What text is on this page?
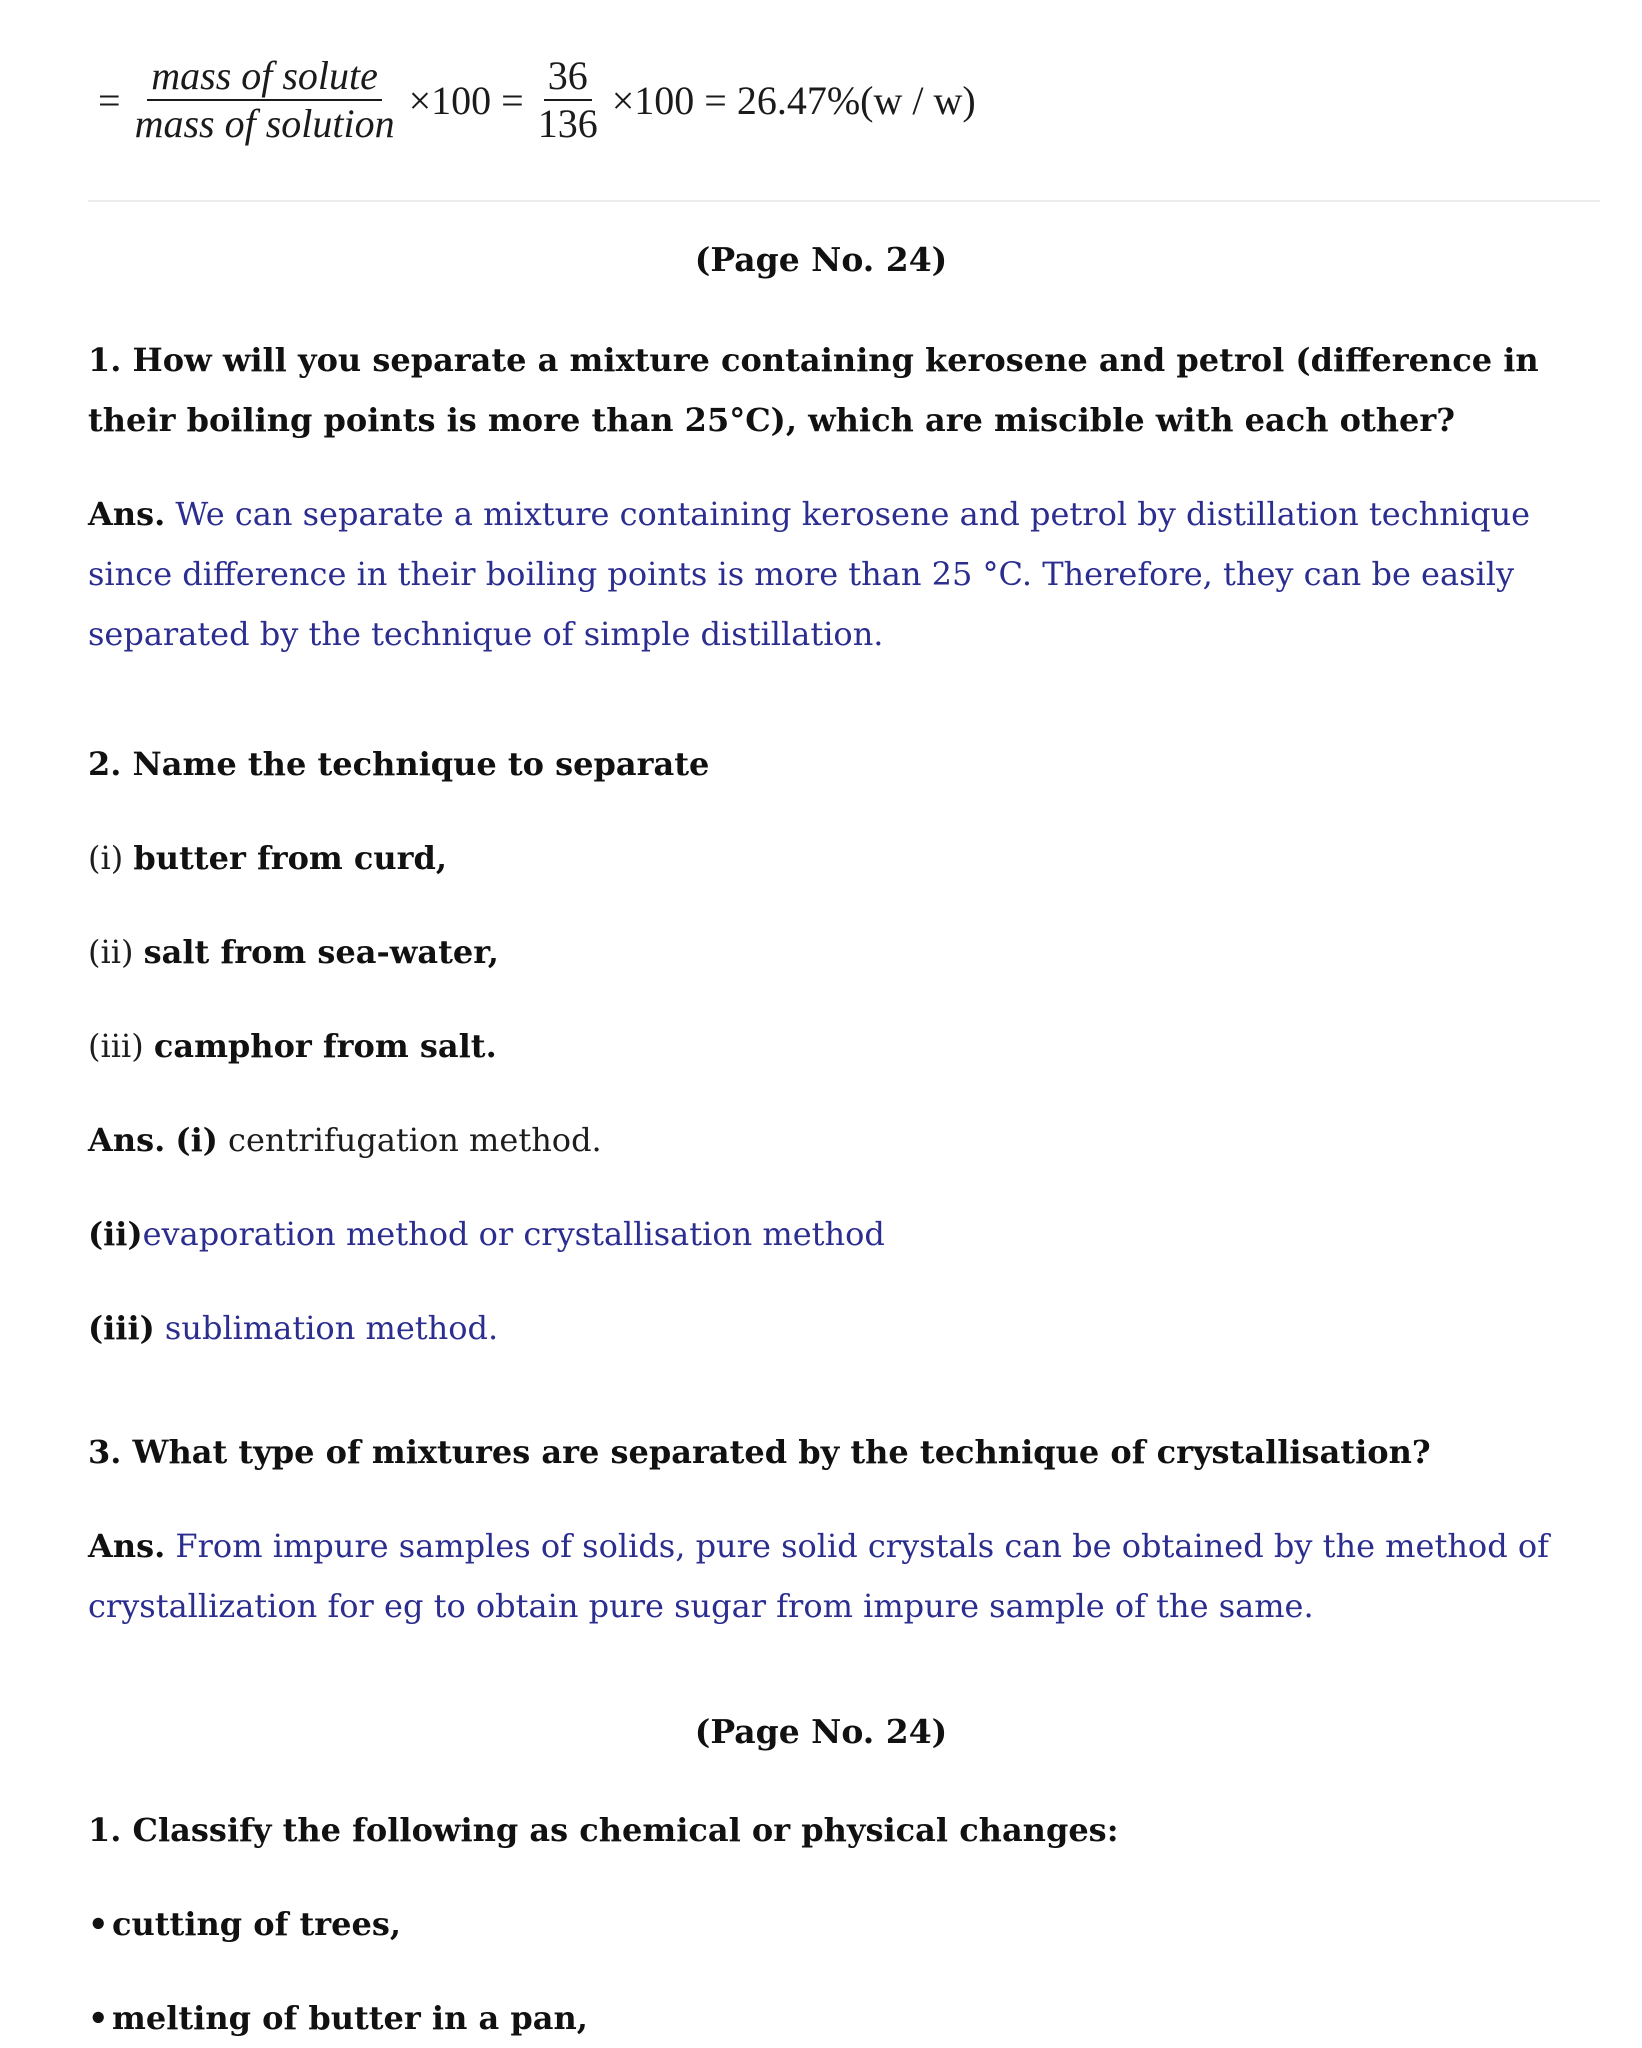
= $\frac{\text{mass of solute}}{\text{mass of solution}} \times 100 = \frac{36}{136} \times 100 = 26.47\%(w / w)$
(Page No. 24)
1. How will you separate a mixture containing kerosene and petrol (difference in their boiling points is more than 25°C), which are miscible with each other?
Ans. We can separate a mixture containing kerosene and petrol by distillation technique since difference in their boiling points is more than 25 °C. Therefore, they can be easily separated by the technique of simple distillation.
2. Name the technique to separate
(i) butter from curd,
(ii) salt from sea-water,
(iii) camphor from salt.
Ans. (i) centrifugation method.
(ii)evaporation method or crystallisation method
(iii) sublimation method.
3. What type of mixtures are separated by the technique of crystallisation?
Ans. From impure samples of solids, pure solid crystals can be obtained by the method of crystallization for eg to obtain pure sugar from impure sample of the same.
(Page No. 24)
1. Classify the following as chemical or physical changes:
• cutting of trees,
• melting of butter in a pan,
